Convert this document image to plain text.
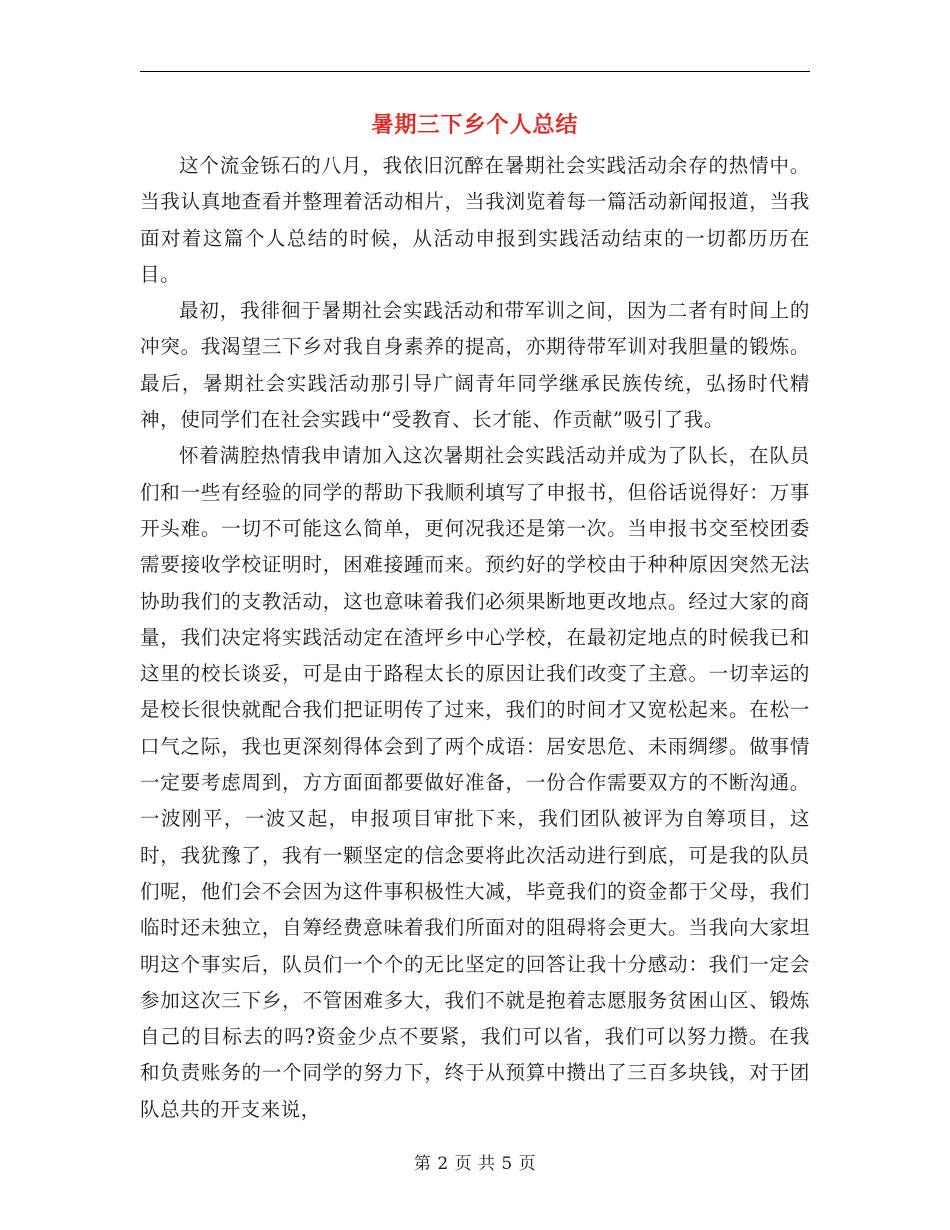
暑期三下乡个人总结

这个流金铄石的八月，我依旧沉醉在暑期社会实践活动余存的热情中。当我认真地查看并整理着活动相片，当我浏览着每一篇活动新闻报道，当我面对着这篇个人总结的时候，从活动申报到实践活动结束的一切都历历在目。

最初，我徘徊于暑期社会实践活动和带军训之间，因为二者有时间上的冲突。我渴望三下乡对我自身素养的提高，亦期待带军训对我胆量的锻炼。最后，暑期社会实践活动那引导广阔青年同学继承民族传统，弘扬时代精神，使同学们在社会实践中“受教育、长才能、作贡献”吸引了我。

怀着满腔热情我申请加入这次暑期社会实践活动并成为了队长，在队员们和一些有经验的同学的帮助下我顺利填写了申报书，但俗话说得好：万事开头难。一切不可能这么简单，更何况我还是第一次。当申报书交至校团委需要接收学校证明时，困难接踵而来。预约好的学校由于种种原因突然无法协助我们的支教活动，这也意味着我们必须果断地更改地点。经过大家的商量，我们决定将实践活动定在渣坪乡中心学校，在最初定地点的时候我已和这里的校长谈妥，可是由于路程太长的原因让我们改变了主意。一切幸运的是校长很快就配合我们把证明传了过来，我们的时间才又宽松起来。在松一口气之际，我也更深刻得体会到了两个成语：居安思危、未雨绸缪。做事情一定要考虑周到，方方面面都要做好准备，一份合作需要双方的不断沟通。一波刚平，一波又起，申报项目审批下来，我们团队被评为自筹项目，这时，我犹豫了，我有一颗坚定的信念要将此次活动进行到底，可是我的队员们呢，他们会不会因为这件事积极性大减，毕竟我们的资金都于父母，我们临时还未独立，自筹经费意味着我们所面对的阻碍将会更大。当我向大家坦明这个事实后，队员们一个个的无比坚定的回答让我十分感动：我们一定会参加这次三下乡，不管困难多大，我们不就是抱着志愿服务贫困山区、锻炼自己的目标去的吗?资金少点不要紧，我们可以省，我们可以努力攒。在我和负责账务的一个同学的努力下，终于从预算中攒出了三百多块钱，对于团队总共的开支来说，

第 2 页 共 5 页
